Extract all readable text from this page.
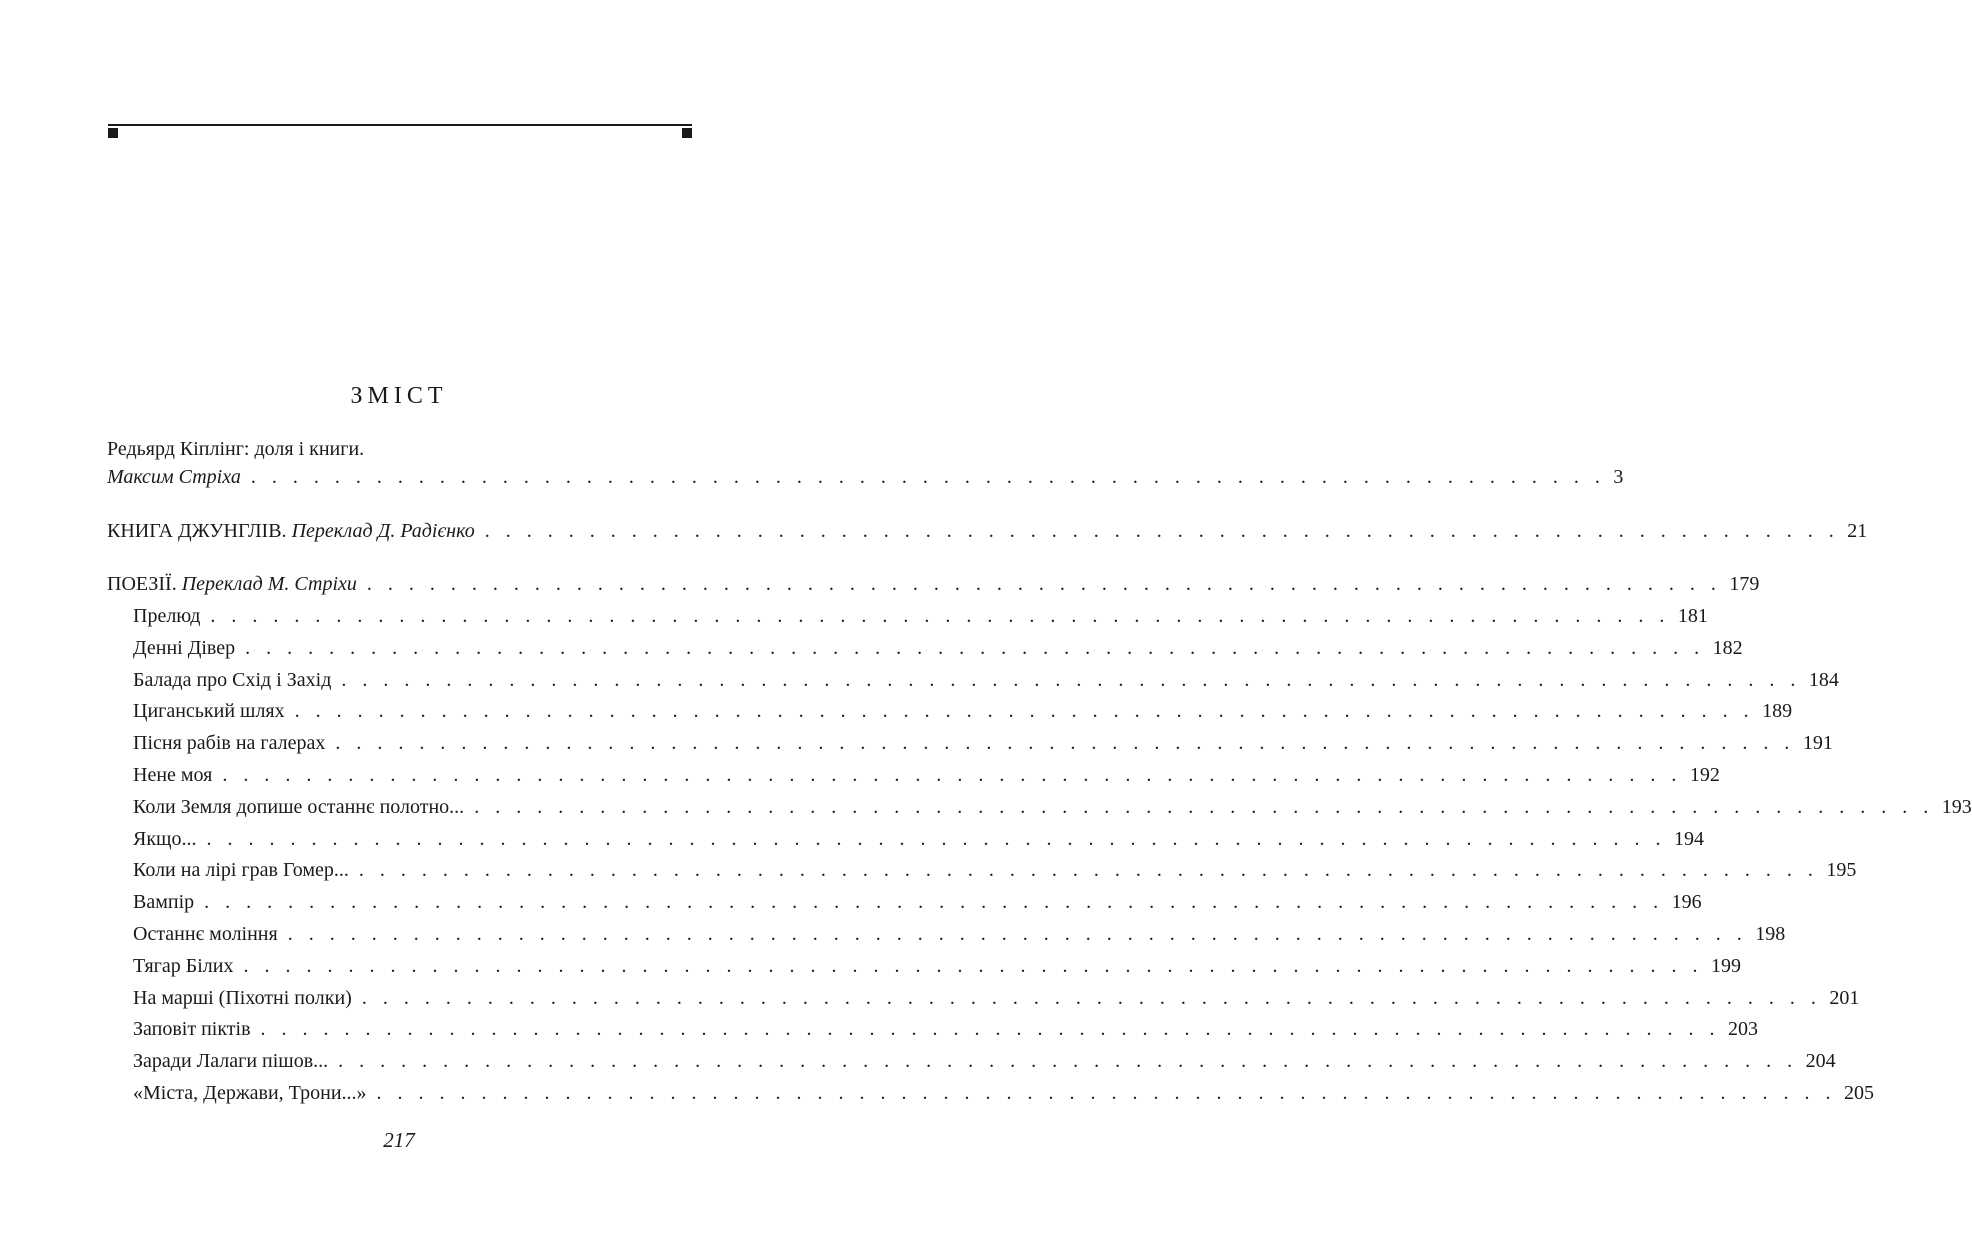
ЗМІСТ
Редьярд Кіплінг: доля і книги.
Максим Стріха . . . . . . . . . . . . . . . . . . . . . . . . . . . . . . . . . . . . . . . . . . . . . . . . . . . . . . . . . . . . . . . . . 3
КНИГА ДЖУНГЛІВ. Переклад Д. Радієнко . . . . . . . . . . . . . . . . . . . . . . . . . . . . . . . . . . . . . . . . . . . . . . . . . . . . . . . . . . . . . . . . . 21
ПОЕЗІЇ. Переклад М. Стріхи . . . . . . . . . . . . . . . . . . . . . . . . . . . . . . . . . . . . . . . . . . . . . . . . . . . . . . . . . . . . . . . . . 179
Прелюд . . . . . . . . . . . . . . . . . . . . . . . . . . . . . . . . . . . . . . . . . . . . . . . . . . . . . . . . . . . . . . . . . . . . . . 181
Денні Дівер . . . . . . . . . . . . . . . . . . . . . . . . . . . . . . . . . . . . . . . . . . . . . . . . . . . . . . . . . . . . . . . . . . . . . . 182
Балада про Схід і Захід . . . . . . . . . . . . . . . . . . . . . . . . . . . . . . . . . . . . . . . . . . . . . . . . . . . . . . . . . . . . . . . . . . . . . . 184
Циганський шлях . . . . . . . . . . . . . . . . . . . . . . . . . . . . . . . . . . . . . . . . . . . . . . . . . . . . . . . . . . . . . . . . . . . . . . 189
Пісня рабів на галерах . . . . . . . . . . . . . . . . . . . . . . . . . . . . . . . . . . . . . . . . . . . . . . . . . . . . . . . . . . . . . . . . . . . . . . 191
Нене моя . . . . . . . . . . . . . . . . . . . . . . . . . . . . . . . . . . . . . . . . . . . . . . . . . . . . . . . . . . . . . . . . . . . . . . 192
Коли Земля допише останнє полотно... . . . . . . . . . . . . . . . . . . . . . . . . . . . . . . . . . . . . . . . . . . . . . . . . . . . . . . . . . . . . . . . . . . . . . . 193
Якщо... . . . . . . . . . . . . . . . . . . . . . . . . . . . . . . . . . . . . . . . . . . . . . . . . . . . . . . . . . . . . . . . . . . . . . . 194
Коли на лірі грав Гомер... . . . . . . . . . . . . . . . . . . . . . . . . . . . . . . . . . . . . . . . . . . . . . . . . . . . . . . . . . . . . . . . . . . . . . . 195
Вампір . . . . . . . . . . . . . . . . . . . . . . . . . . . . . . . . . . . . . . . . . . . . . . . . . . . . . . . . . . . . . . . . . . . . . . 196
Останнє моління . . . . . . . . . . . . . . . . . . . . . . . . . . . . . . . . . . . . . . . . . . . . . . . . . . . . . . . . . . . . . . . . . . . . . . 198
Тягар Білих . . . . . . . . . . . . . . . . . . . . . . . . . . . . . . . . . . . . . . . . . . . . . . . . . . . . . . . . . . . . . . . . . . . . . . 199
На марші (Піхотні полки) . . . . . . . . . . . . . . . . . . . . . . . . . . . . . . . . . . . . . . . . . . . . . . . . . . . . . . . . . . . . . . . . . . . . . . 201
Заповіт піктів . . . . . . . . . . . . . . . . . . . . . . . . . . . . . . . . . . . . . . . . . . . . . . . . . . . . . . . . . . . . . . . . . . . . . . 203
Заради Лалаги пішов... . . . . . . . . . . . . . . . . . . . . . . . . . . . . . . . . . . . . . . . . . . . . . . . . . . . . . . . . . . . . . . . . . . . . . . 204
«Міста, Держави, Трони...» . . . . . . . . . . . . . . . . . . . . . . . . . . . . . . . . . . . . . . . . . . . . . . . . . . . . . . . . . . . . . . . . . . . . . . 205
217
